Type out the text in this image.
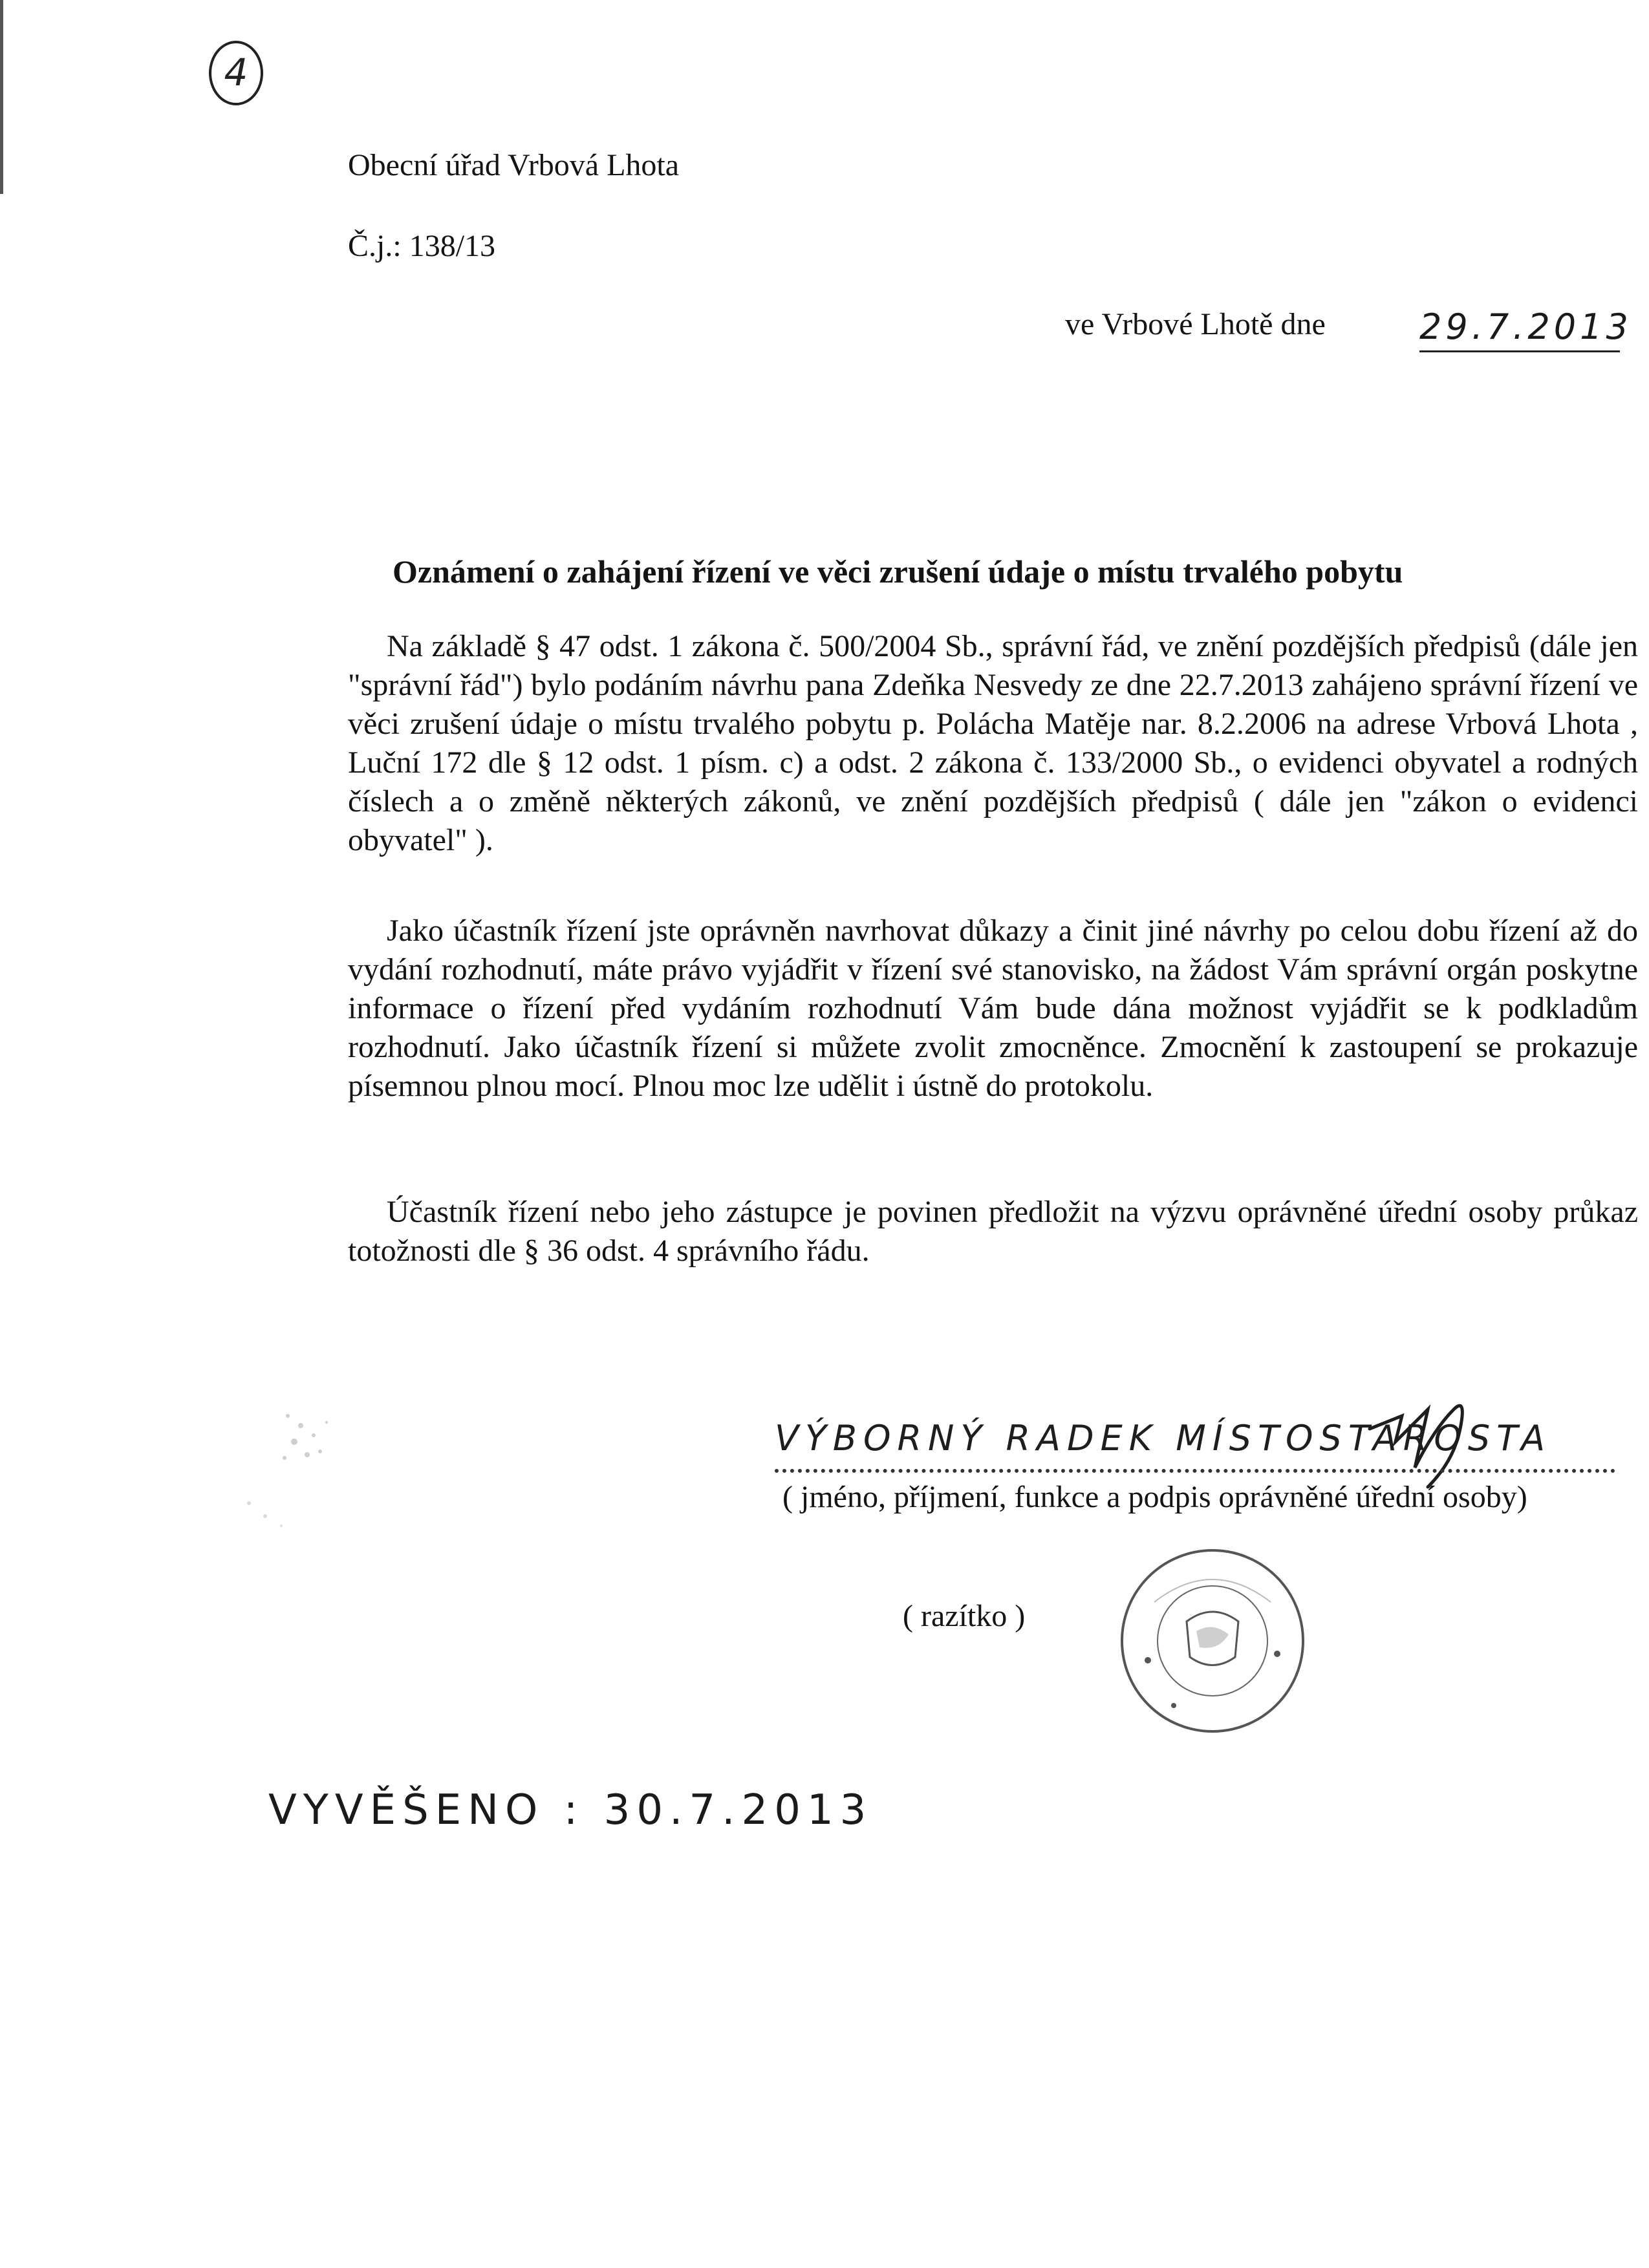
4
Obecní úřad Vrbová Lhota
Č.j.: 138/13
ve Vrbové Lhotě dne	29.7.2013
Oznámení o zahájení řízení ve věci zrušení údaje o místu trvalého pobytu

Na základě § 47 odst. 1 zákona č. 500/2004 Sb., správní řád, ve znění pozdějších předpisů (dále jen "správní řád") bylo podáním návrhu pana Zdeňka Nesvedy ze dne 22.7.2013 zahájeno správní řízení ve věci zrušení údaje o místu trvalého pobytu p. Polácha Matěje nar. 8.2.2006 na adrese Vrbová Lhota , Luční 172 dle § 12 odst. 1 písm. c) a odst. 2 zákona č. 133/2000 Sb., o evidenci obyvatel a rodných číslech a o změně některých zákonů, ve znění pozdějších předpisů ( dále jen "zákon o evidenci obyvatel" ).

Jako účastník řízení jste oprávněn navrhovat důkazy a činit jiné návrhy po celou dobu řízení až do vydání rozhodnutí, máte právo vyjádřit v řízení své stanovisko, na žádost Vám správní orgán poskytne informace o řízení před vydáním rozhodnutí Vám bude dána možnost vyjádřit se k podkladům rozhodnutí. Jako účastník řízení si můžete zvolit zmocněnce. Zmocnění k zastoupení se prokazuje písemnou plnou mocí. Plnou moc lze udělit i ústně do protokolu.

Účastník řízení nebo jeho zástupce je povinen předložit na výzvu oprávněné úřední osoby průkaz totožnosti dle § 36 odst. 4 správního řádu.

VÝBORNÝ RADEK MÍSTOSTAROSTA
( jméno, příjmení, funkce a podpis oprávněné úřední osoby)
( razítko )
VYVĚŠENO : 30.7.2013
